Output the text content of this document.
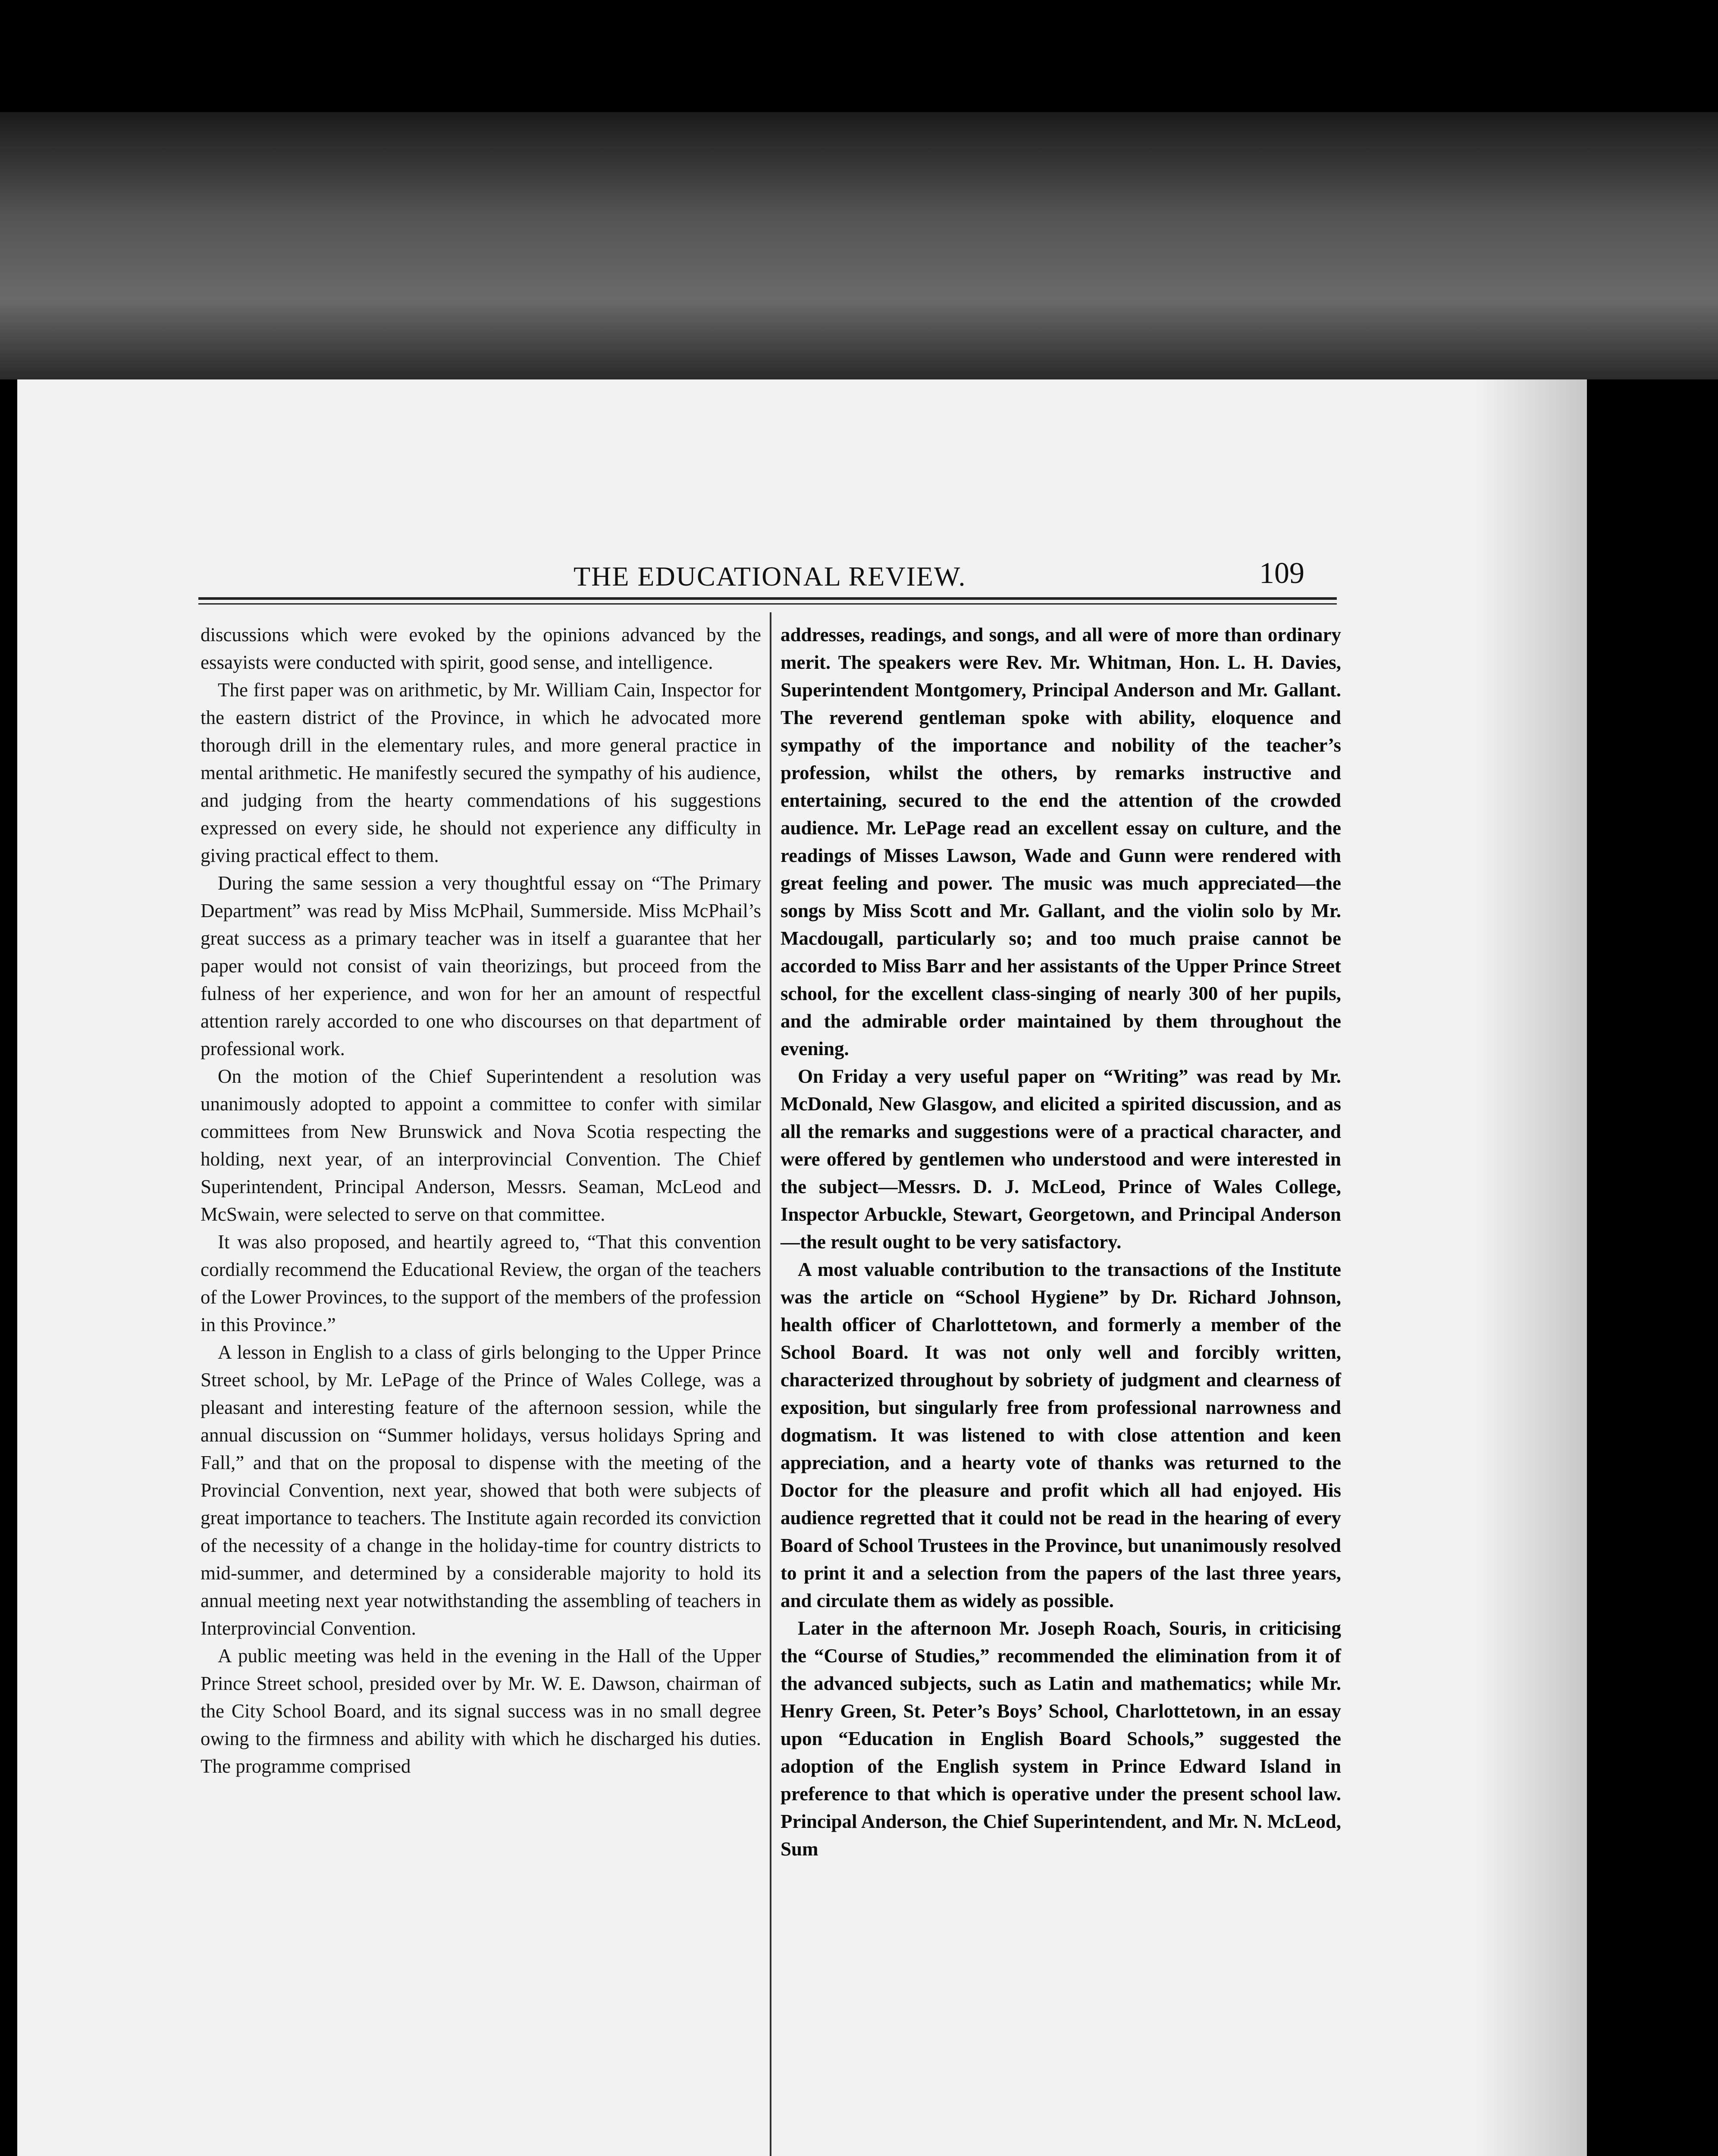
THE EDUCATIONAL REVIEW.	109

discussions which were evoked by the opinions advanced by the essayists were conducted with spirit, good sense, and intelligence.

The first paper was on arithmetic, by Mr. William Cain, Inspector for the eastern district of the Province, in which he advocated more thorough drill in the elementary rules, and more general practice in mental arithmetic. He manifestly secured the sympathy of his audience, and judging from the hearty commendations of his suggestions expressed on every side, he should not experience any difficulty in giving practical effect to them.

During the same session a very thoughtful essay on “The Primary Department” was read by Miss McPhail, Summerside. Miss McPhail’s great success as a primary teacher was in itself a guarantee that her paper would not consist of vain theorizings, but proceed from the fulness of her experience, and won for her an amount of respectful attention rarely accorded to one who discourses on that department of professional work.

On the motion of the Chief Superintendent a resolution was unanimously adopted to appoint a committee to confer with similar committees from New Brunswick and Nova Scotia respecting the holding, next year, of an interprovincial Convention. The Chief Superintendent, Principal Anderson, Messrs. Seaman, McLeod and McSwain, were selected to serve on that committee.

It was also proposed, and heartily agreed to, “That this convention cordially recommend the Educational Review, the organ of the teachers of the Lower Provinces, to the support of the members of the profession in this Province.”

A lesson in English to a class of girls belonging to the Upper Prince Street school, by Mr. LePage of the Prince of Wales College, was a pleasant and interesting feature of the afternoon session, while the annual discussion on “Summer holidays, versus holidays Spring and Fall,” and that on the proposal to dispense with the meeting of the Provincial Convention, next year, showed that both were subjects of great importance to teachers. The Institute again recorded its conviction of the necessity of a change in the holiday-time for country districts to mid-summer, and determined by a considerable majority to hold its annual meeting next year notwithstanding the assembling of teachers in Interprovincial Convention.

A public meeting was held in the evening in the Hall of the Upper Prince Street school, presided over by Mr. W. E. Dawson, chairman of the City School Board, and its signal success was in no small degree owing to the firmness and ability with which he discharged his duties. The programme comprised

addresses, readings, and songs, and all were of more than ordinary merit. The speakers were Rev. Mr. Whitman, Hon. L. H. Davies, Superintendent Montgomery, Principal Anderson and Mr. Gallant. The reverend gentleman spoke with ability, eloquence and sympathy of the importance and nobility of the teacher’s profession, whilst the others, by remarks instructive and entertaining, secured to the end the attention of the crowded audience. Mr. LePage read an excellent essay on culture, and the readings of Misses Lawson, Wade and Gunn were rendered with great feeling and power. The music was much appreciated—the songs by Miss Scott and Mr. Gallant, and the violin solo by Mr. Macdougall, particularly so; and too much praise cannot be accorded to Miss Barr and her assistants of the Upper Prince Street school, for the excellent class-singing of nearly 300 of her pupils, and the admirable order maintained by them throughout the evening.

On Friday a very useful paper on “Writing” was read by Mr. McDonald, New Glasgow, and elicited a spirited discussion, and as all the remarks and suggestions were of a practical character, and were offered by gentlemen who understood and were interested in the subject—Messrs. D. J. McLeod, Prince of Wales College, Inspector Arbuckle, Stewart, Georgetown, and Principal Anderson—the result ought to be very satisfactory.

A most valuable contribution to the transactions of the Institute was the article on “School Hygiene” by Dr. Richard Johnson, health officer of Charlottetown, and formerly a member of the School Board. It was not only well and forcibly written, characterized throughout by sobriety of judgment and clearness of exposition, but singularly free from professional narrowness and dogmatism. It was listened to with close attention and keen appreciation, and a hearty vote of thanks was returned to the Doctor for the pleasure and profit which all had enjoyed. His audience regretted that it could not be read in the hearing of every Board of School Trustees in the Province, but unanimously resolved to print it and a selection from the papers of the last three years, and circulate them as widely as possible.

Later in the afternoon Mr. Joseph Roach, Souris, in criticising the “Course of Studies,” recommended the elimination from it of the advanced subjects, such as Latin and mathematics; while Mr. Henry Green, St. Peter’s Boys’ School, Charlottetown, in an essay upon “Education in English Board Schools,” suggested the adoption of the English system in Prince Edward Island in preference to that which is operative under the present school law. Principal Anderson, the Chief Superintendent, and Mr. N. McLeod, Sum
